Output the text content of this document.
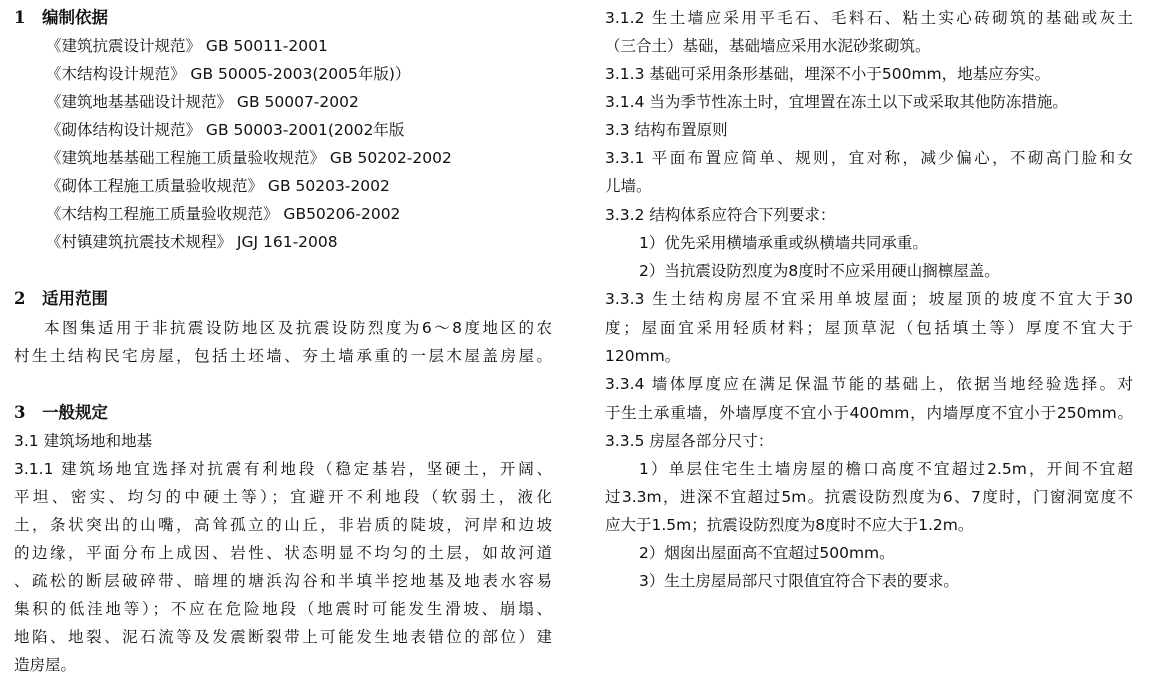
1　编制依据
《建筑抗震设计规范》 GB 50011-2001
《木结构设计规范》 GB 50005-2003(2005年版)）
《建筑地基基础设计规范》 GB 50007-2002
《砌体结构设计规范》 GB 50003-2001(2002年版
《建筑地基基础工程施工质量验收规范》 GB 50202-2002
《砌体工程施工质量验收规范》 GB 50203-2002
《木结构工程施工质量验收规范》 GB50206-2002
《村镇建筑抗震技术规程》 JGJ 161-2008
2　适用范围
本图集适用于非抗震设防地区及抗震设防烈度为6～8度地区的农
村生土结构民宅房屋，包括土坯墙、夯土墙承重的一层木屋盖房屋。
3　一般规定
3.1 建筑场地和地基
3.1.1 建筑场地宜选择对抗震有利地段（稳定基岩，坚硬土，开阔、
平坦、密实、均匀的中硬土等）；宜避开不利地段（软弱土，液化
土，条状突出的山嘴，高耸孤立的山丘，非岩质的陡坡，河岸和边坡
的边缘，平面分布上成因、岩性、状态明显不均匀的土层，如故河道
、疏松的断层破碎带、暗埋的塘浜沟谷和半填半挖地基及地表水容易
集积的低洼地等）；不应在危险地段（地震时可能发生滑坡、崩塌、
地陷、地裂、泥石流等及发震断裂带上可能发生地表错位的部位）建
造房屋。
3.1.2 生土墙应采用平毛石、毛料石、粘土实心砖砌筑的基础或灰土
（三合土）基础，基础墙应采用水泥砂浆砌筑。
3.1.3 基础可采用条形基础，埋深不小于500mm，地基应夯实。
3.1.4 当为季节性冻土时，宜埋置在冻土以下或采取其他防冻措施。
3.3 结构布置原则
3.3.1 平面布置应简单、规则，宜对称，减少偏心，不砌高门脸和女
儿墙。
3.3.2 结构体系应符合下列要求：
1）优先采用横墙承重或纵横墙共同承重。
2）当抗震设防烈度为8度时不应采用硬山搁檩屋盖。
3.3.3 生土结构房屋不宜采用单坡屋面；坡屋顶的坡度不宜大于30
度；屋面宜采用轻质材料；屋顶草泥（包括填土等）厚度不宜大于
120mm。
3.3.4 墙体厚度应在满足保温节能的基础上，依据当地经验选择。对
于生土承重墙，外墙厚度不宜小于400mm，内墙厚度不宜小于250mm。
3.3.5 房屋各部分尺寸：
1）单层住宅生土墙房屋的檐口高度不宜超过2.5m，开间不宜超
过3.3m，进深不宜超过5m。抗震设防烈度为6、7度时，门窗洞宽度不
应大于1.5m；抗震设防烈度为8度时不应大于1.2m。
2）烟囱出屋面高不宜超过500mm。
3）生土房屋局部尺寸限值宜符合下表的要求。
